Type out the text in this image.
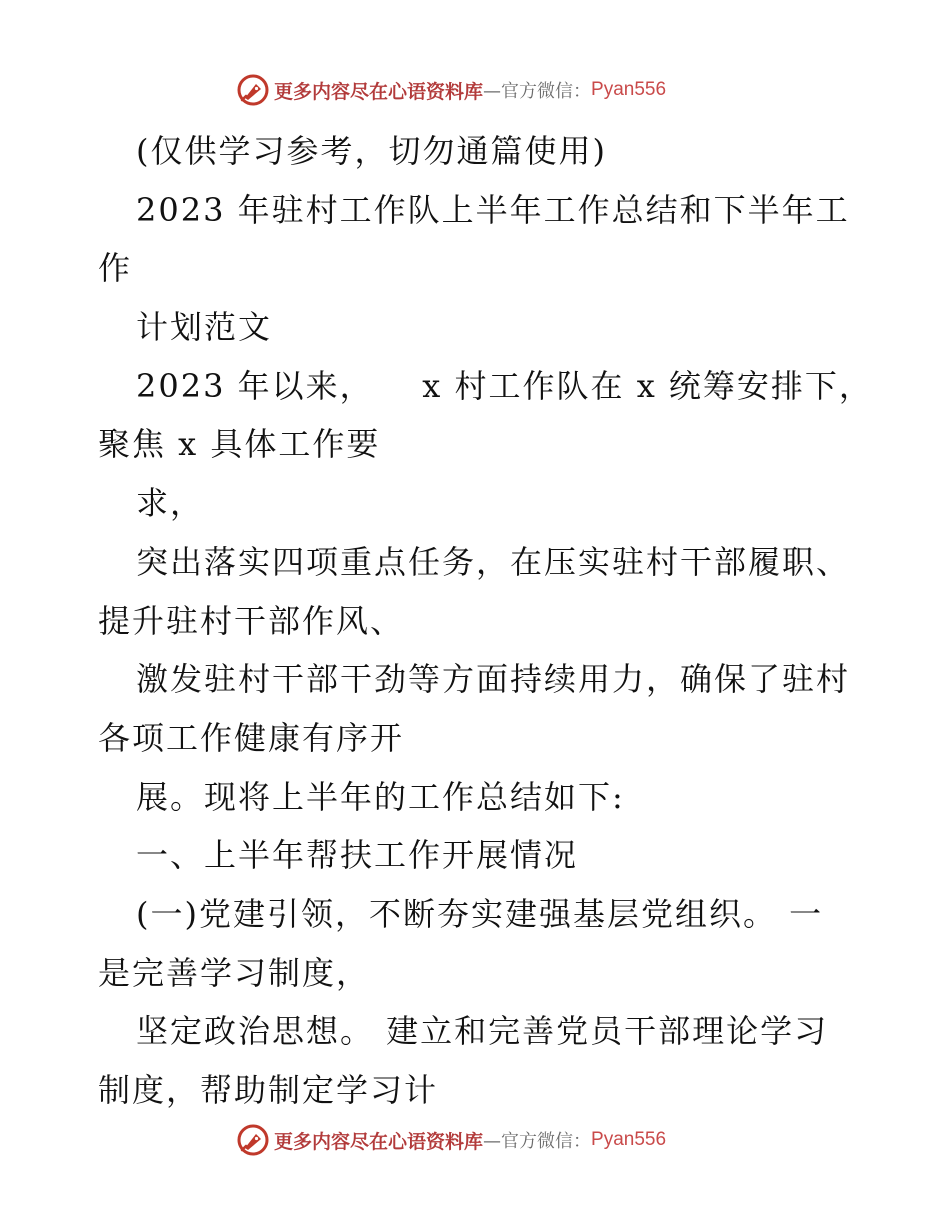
更多内容尽在心语资料库 —官方微信： Pyan556
(仅供学习参考，切勿通篇使用)
2023 年驻村工作队上半年工作总结和下半年工
作
计划范文
2023 年以来，    x 村工作队在 x 统筹安排下，
聚焦 x 具体工作要
求，
突出落实四项重点任务，在压实驻村干部履职、
提升驻村干部作风、
激发驻村干部干劲等方面持续用力，确保了驻村
各项工作健康有序开
展。现将上半年的工作总结如下:
一、上半年帮扶工作开展情况
(一)党建引领，不断夯实建强基层党组织。 一
是完善学习制度，
坚定政治思想。 建立和完善党员干部理论学习
制度，帮助制定学习计
更多内容尽在心语资料库 —官方微信： Pyan556
